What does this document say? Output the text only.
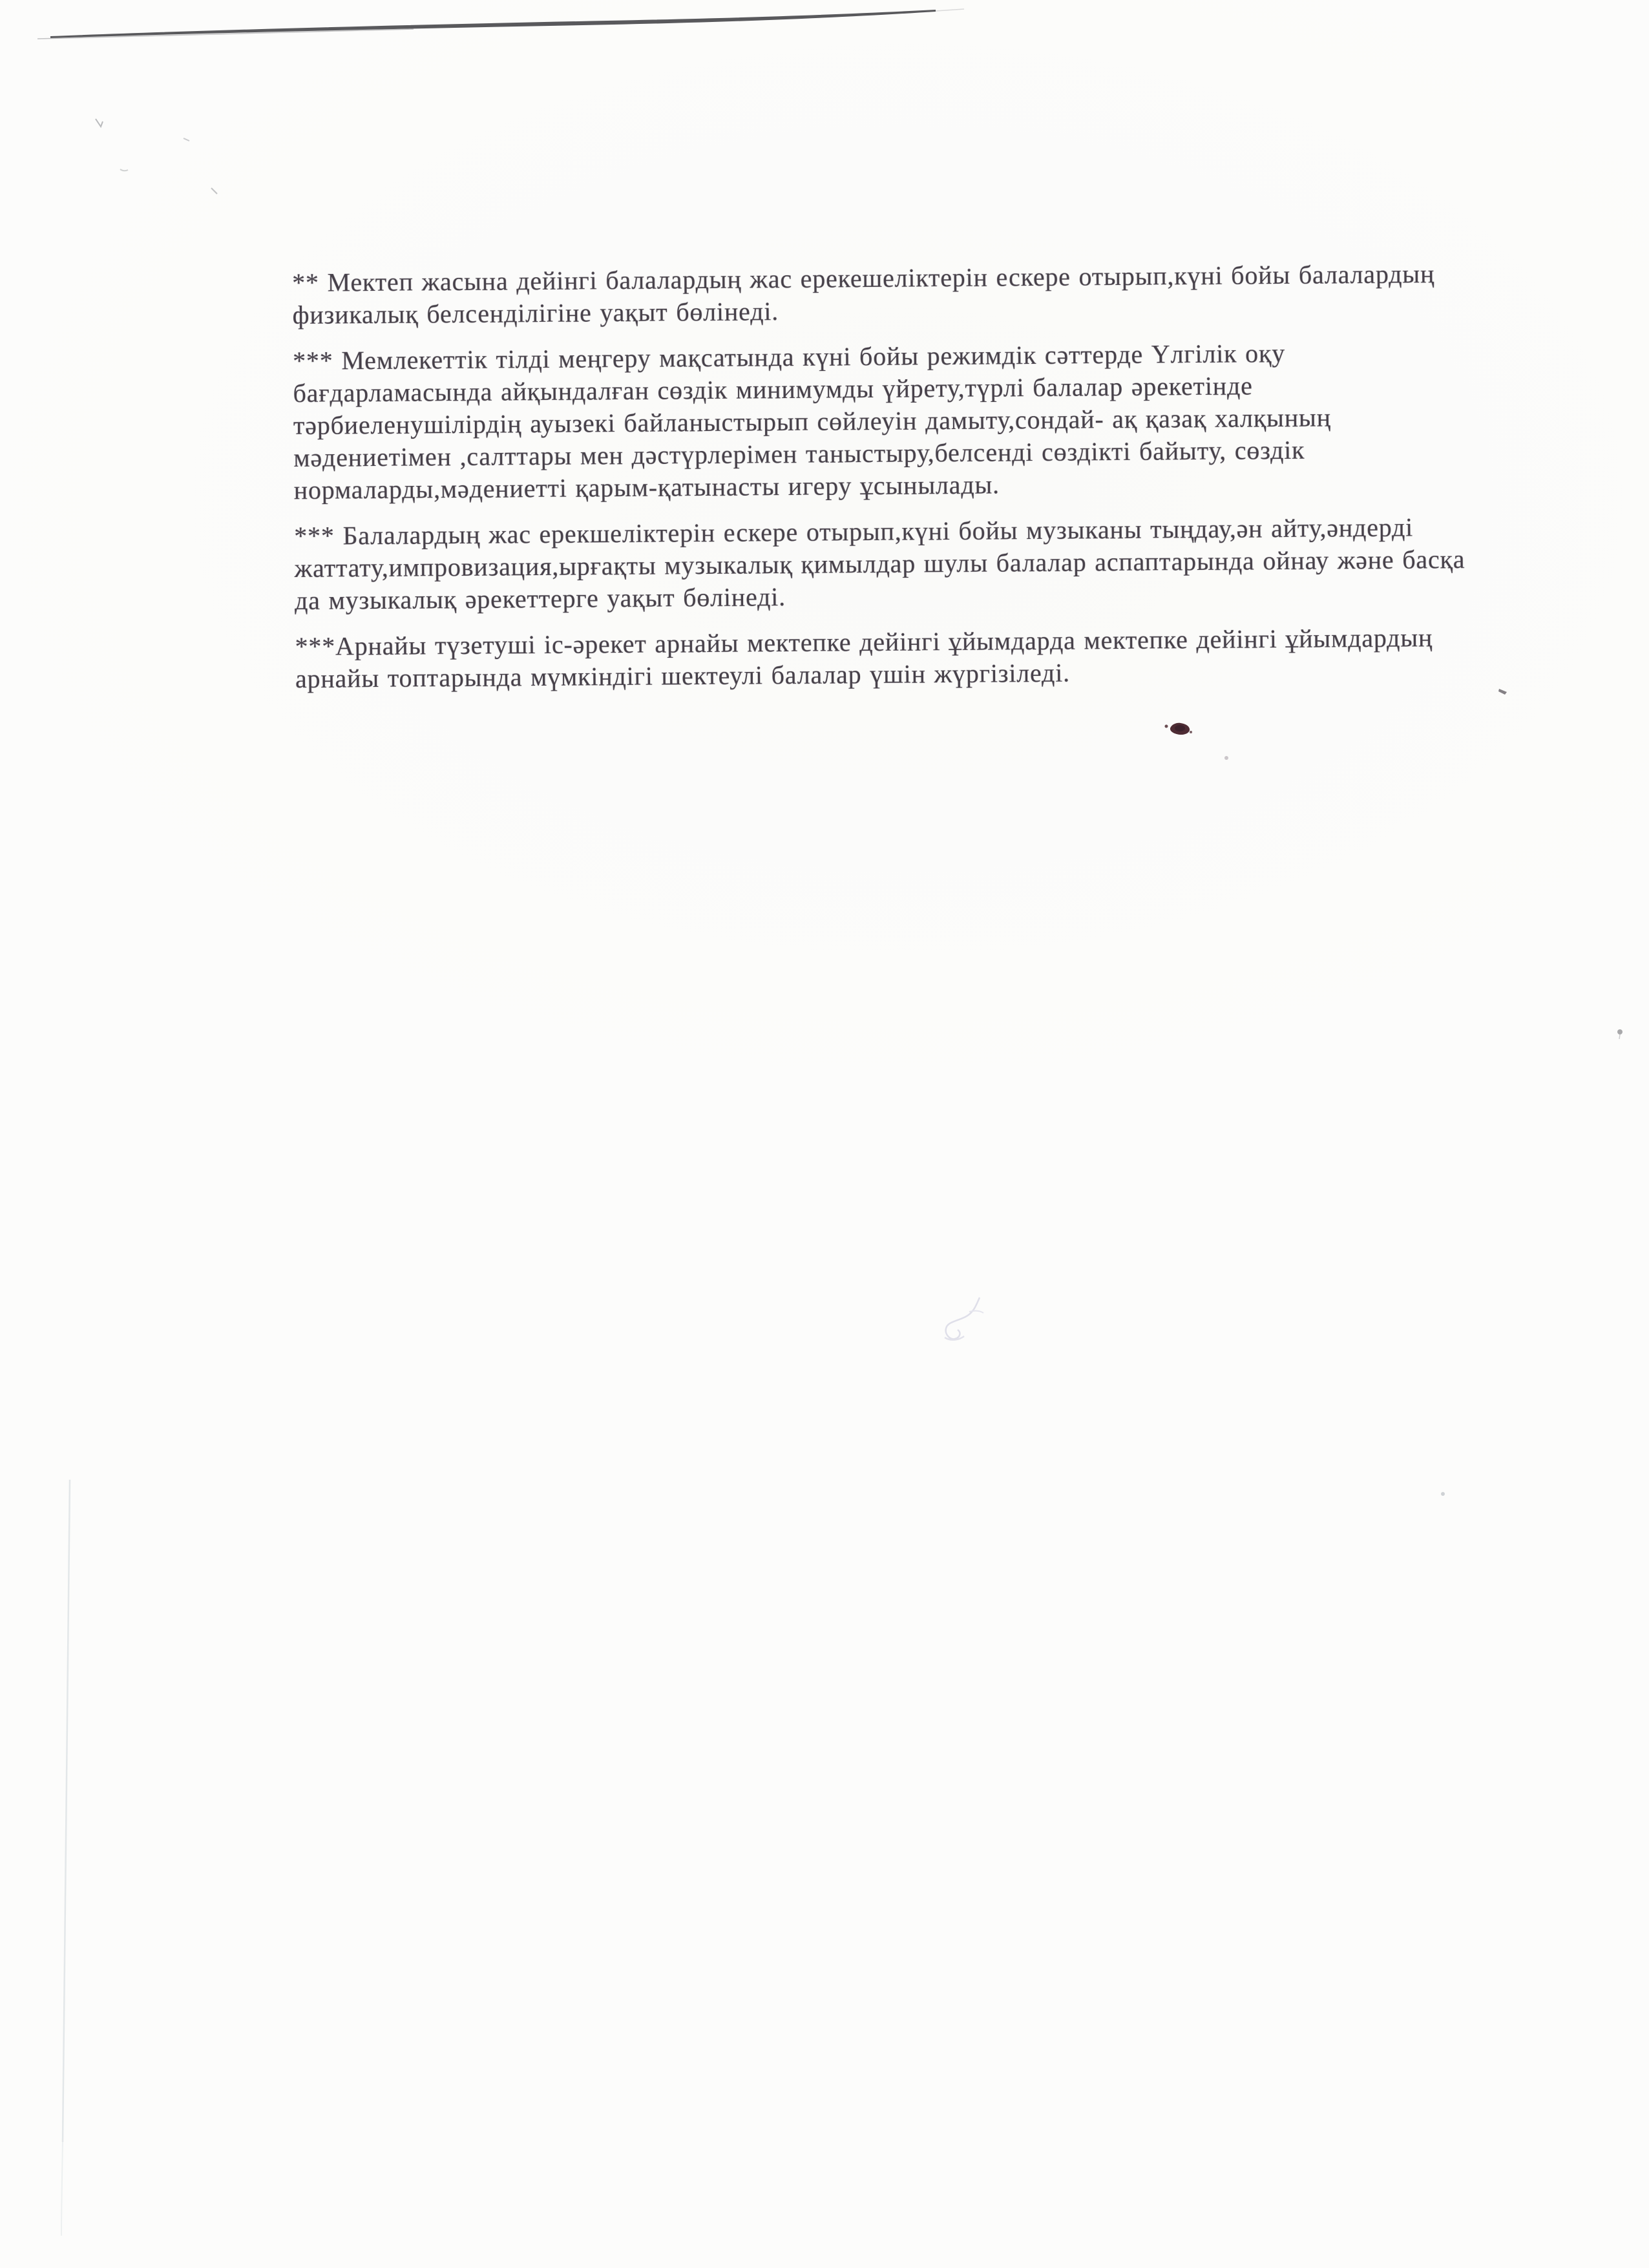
** Мектеп жасына дейінгі балалардың жас ерекешеліктерін ескере отырып,күні бойы балалардың
физикалық белсенділігіне уақыт бөлінеді.

*** Мемлекеттік тілді меңгеру мақсатында күні бойы режимдік сәттерде Үлгілік оқу
бағдарламасында айқындалған сөздік минимумды үйрету,түрлі балалар әрекетінде
тәрбиеленушілірдің ауызекі байланыстырып сөйлеуін дамыту,сондай- ақ қазақ халқының
мәдениетімен ,салттары мен дәстүрлерімен таныстыру,белсенді сөздікті байыту, сөздік
нормаларды,мәдениетті қарым-қатынасты игеру ұсынылады.

*** Балалардың жас ерекшеліктерін ескере отырып,күні бойы музыканы тыңдау,ән айту,әндерді
жаттату,импровизация,ырғақты музыкалық қимылдар шулы балалар аспаптарында ойнау және басқа
да музыкалық әрекеттерге уақыт бөлінеді.

***Арнайы түзетуші іс-әрекет арнайы мектепке дейінгі ұйымдарда мектепке дейінгі ұйымдардың
арнайы топтарында мүмкіндігі шектеулі балалар үшін жүргізіледі.
